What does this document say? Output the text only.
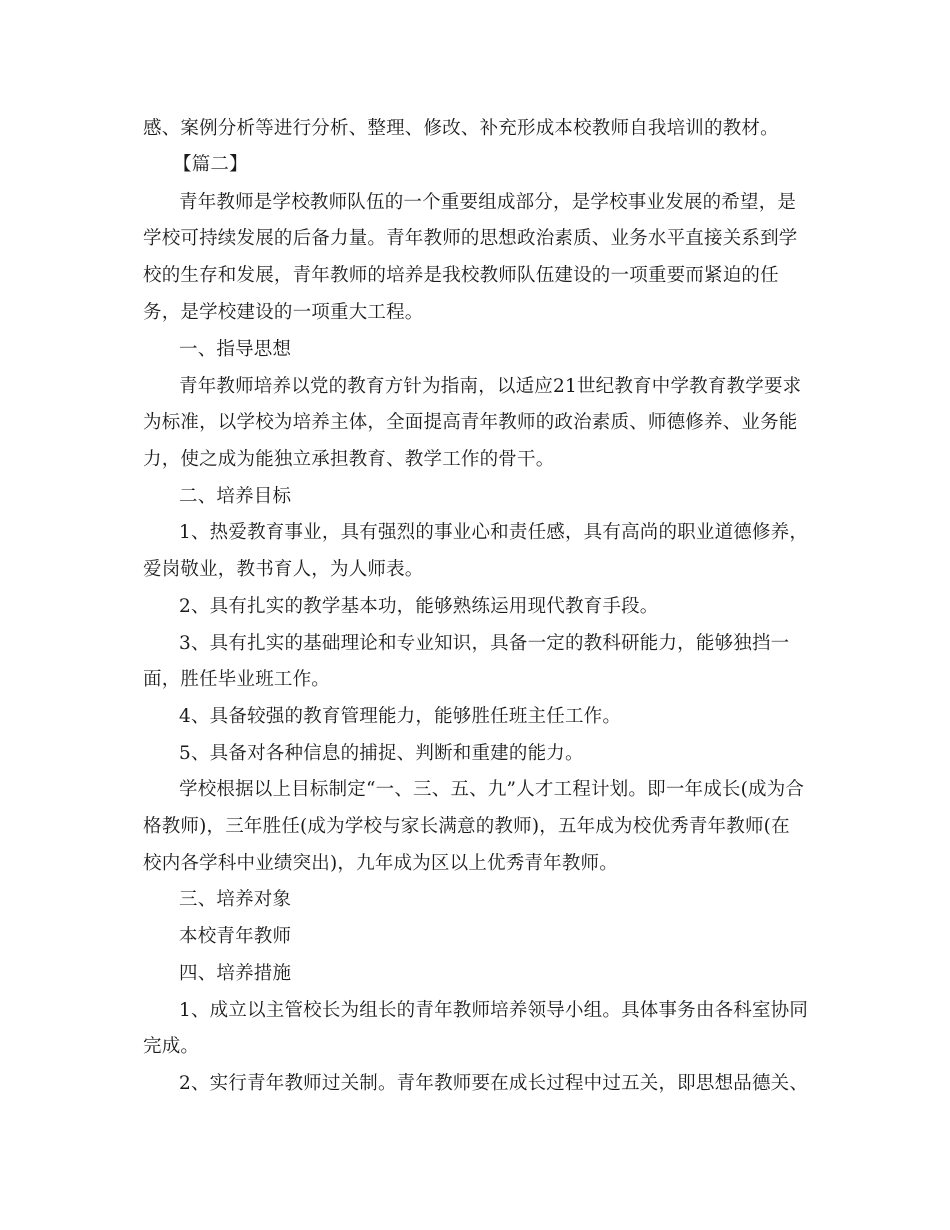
感、案例分析等进行分析、整理、修改、补充形成本校教师自我培训的教材。
【篇二】
青年教师是学校教师队伍的一个重要组成部分，是学校事业发展的希望，是
学校可持续发展的后备力量。青年教师的思想政治素质、业务水平直接关系到学
校的生存和发展，青年教师的培养是我校教师队伍建设的一项重要而紧迫的任
务，是学校建设的一项重大工程。
一、指导思想
青年教师培养以党的教育方针为指南，以适应21世纪教育中学教育教学要求
为标准，以学校为培养主体，全面提高青年教师的政治素质、师德修养、业务能
力，使之成为能独立承担教育、教学工作的骨干。
二、培养目标
1、热爱教育事业，具有强烈的事业心和责任感，具有高尚的职业道德修养，
爱岗敬业，教书育人，为人师表。
2、具有扎实的教学基本功，能够熟练运用现代教育手段。
3、具有扎实的基础理论和专业知识，具备一定的教科研能力，能够独挡一
面，胜任毕业班工作。
4、具备较强的教育管理能力，能够胜任班主任工作。
5、具备对各种信息的捕捉、判断和重建的能力。
学校根据以上目标制定“一、三、五、九”人才工程计划。即一年成长(成为合
格教师)，三年胜任(成为学校与家长满意的教师)，五年成为校优秀青年教师(在
校内各学科中业绩突出)，九年成为区以上优秀青年教师。
三、培养对象
本校青年教师
四、培养措施
1、成立以主管校长为组长的青年教师培养领导小组。具体事务由各科室协同
完成。
2、实行青年教师过关制。青年教师要在成长过程中过五关，即思想品德关、
